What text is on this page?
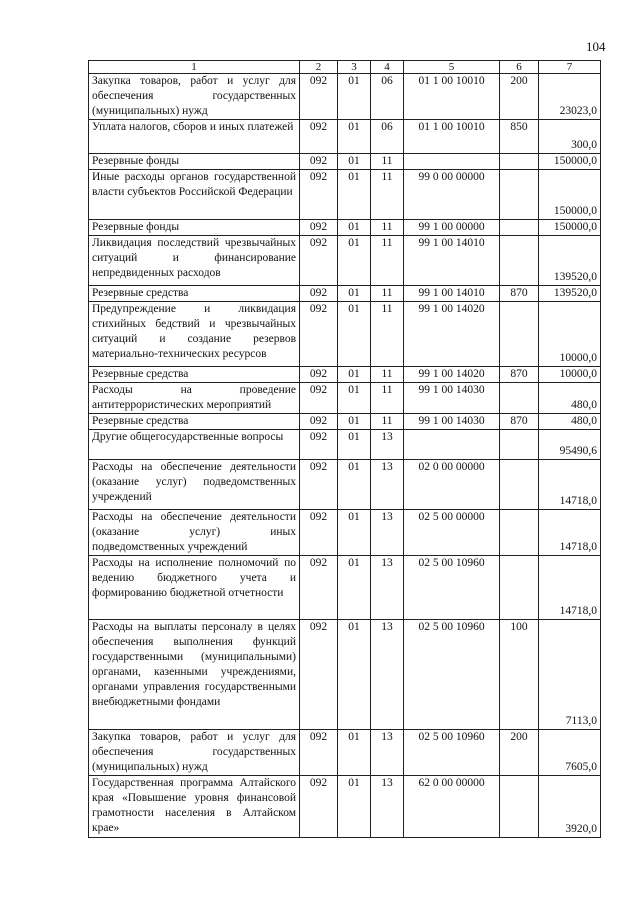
104
1	2	3	4	5	6	7
Закупка товаров, работ и услуг для обеспечения государственных (муниципальных) нужд	092	01	06	01 1 00 10010	200	23023,0
Уплата налогов, сборов и иных платежей	092	01	06	01 1 00 10010	850	300,0
Резервные фонды	092	01	11			150000,0
Иные расходы органов государственной власти субъектов Российской Федерации	092	01	11	99 0 00 00000		150000,0
Резервные фонды	092	01	11	99 1 00 00000		150000,0
Ликвидация последствий чрезвычайных ситуаций и финансирование непредвиденных расходов	092	01	11	99 1 00 14010		139520,0
Резервные средства	092	01	11	99 1 00 14010	870	139520,0
Предупреждение и ликвидация стихийных бедствий и чрезвычайных ситуаций и создание резервов материально-технических ресурсов	092	01	11	99 1 00 14020		10000,0
Резервные средства	092	01	11	99 1 00 14020	870	10000,0
Расходы на проведение антитеррористических мероприятий	092	01	11	99 1 00 14030		480,0
Резервные средства	092	01	11	99 1 00 14030	870	480,0
Другие общегосударственные вопросы	092	01	13			95490,6
Расходы на обеспечение деятельности (оказание услуг) подведомственных учреждений	092	01	13	02 0 00 00000		14718,0
Расходы на обеспечение деятельности (оказание услуг) иных подведомственных учреждений	092	01	13	02 5 00 00000		14718,0
Расходы на исполнение полномочий по ведению бюджетного учета и формированию бюджетной отчетности	092	01	13	02 5 00 10960		14718,0
Расходы на выплаты персоналу в целях обеспечения выполнения функций государственными (муниципальными) органами, казенными учреждениями, органами управления государственными внебюджетными фондами	092	01	13	02 5 00 10960	100	7113,0
Закупка товаров, работ и услуг для обеспечения государственных (муниципальных) нужд	092	01	13	02 5 00 10960	200	7605,0
Государственная программа Алтайского края «Повышение уровня финансовой грамотности населения в Алтайском крае»	092	01	13	62 0 00 00000		3920,0
